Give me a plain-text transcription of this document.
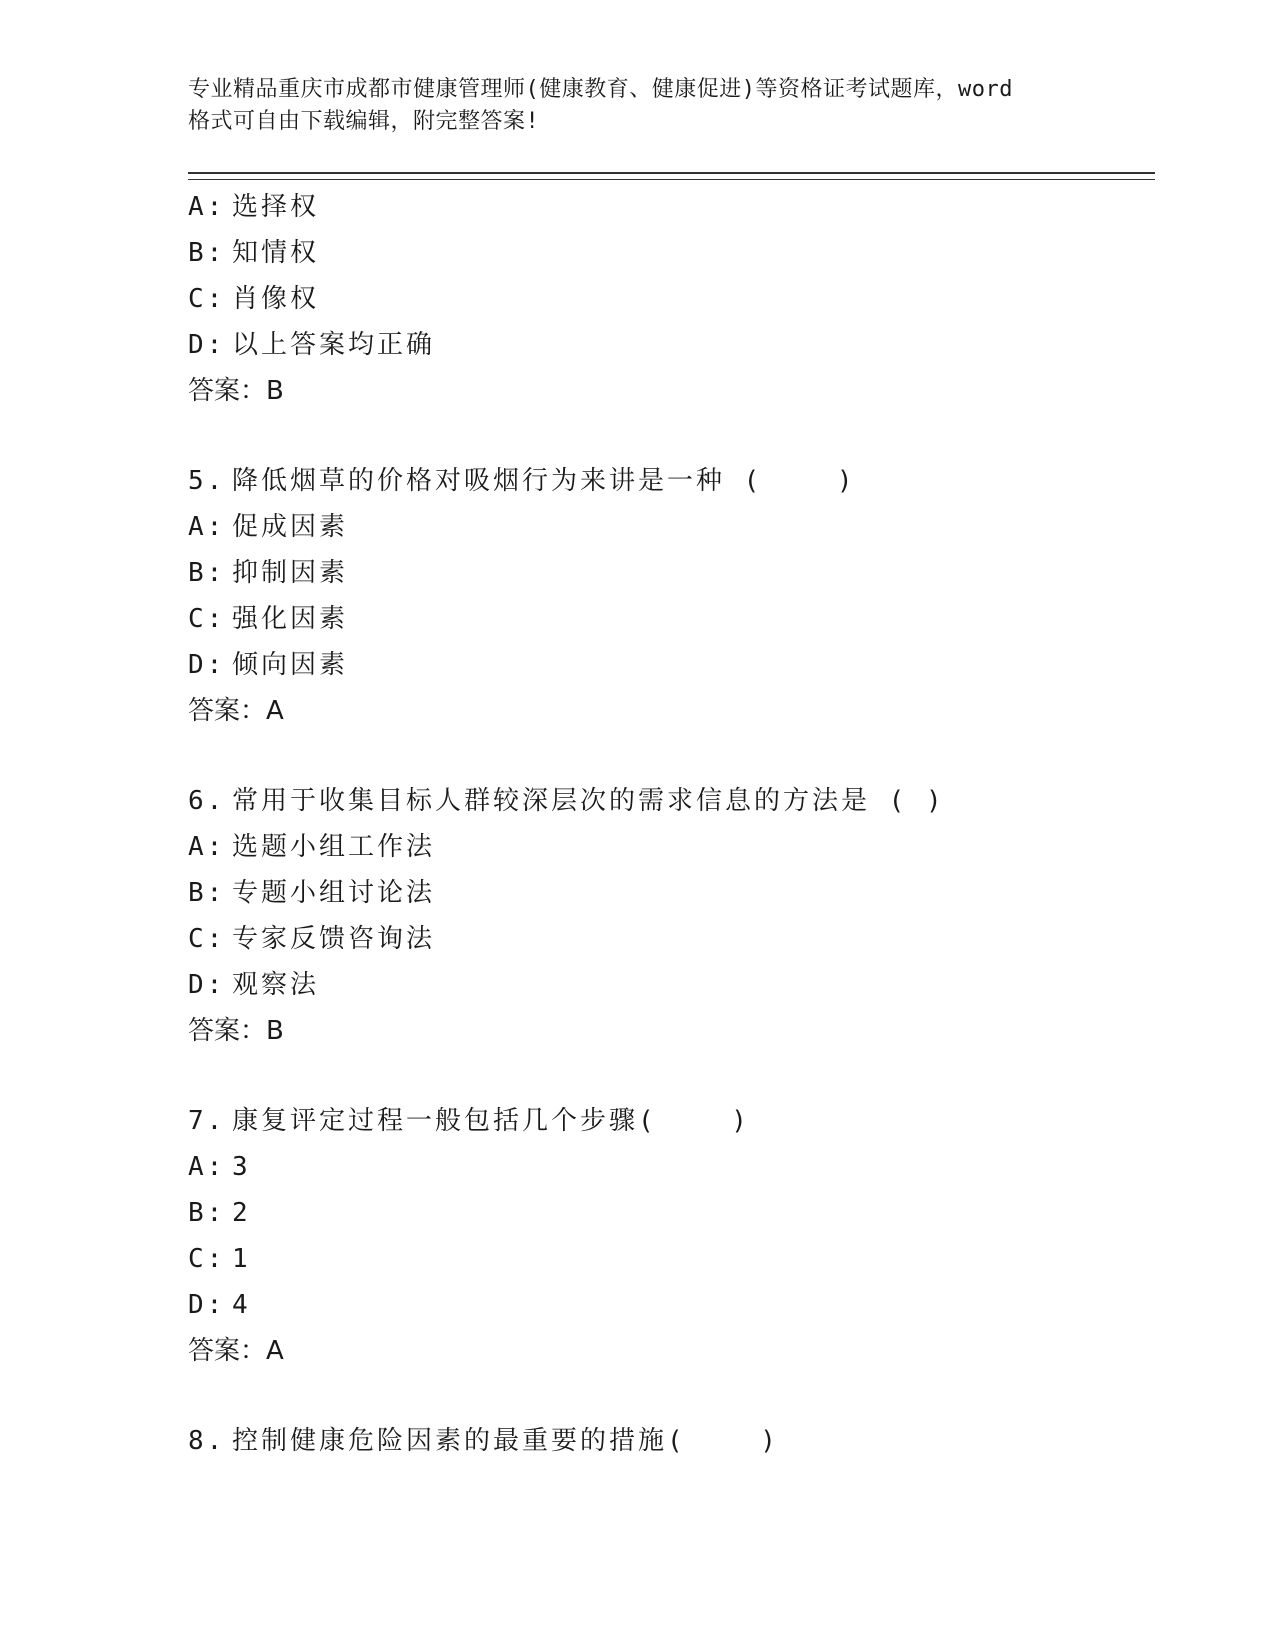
专业精品重庆市成都市健康管理师(健康教育、健康促进)等资格证考试题库，word
格式可自由下载编辑，附完整答案!

A: 选择权
B: 知情权
C: 肖像权
D: 以上答案均正确
答案：B
5. 降低烟草的价格对吸烟行为来讲是一种 (    )
A: 促成因素
B: 抑制因素
C: 强化因素
D: 倾向因素
答案：A
6. 常用于收集目标人群较深层次的需求信息的方法是 ( )
A: 选题小组工作法
B: 专题小组讨论法
C: 专家反馈咨询法
D: 观察法
答案：B
7. 康复评定过程一般包括几个步骤(    )
A: 3
B: 2
C: 1
D: 4
答案：A
8. 控制健康危险因素的最重要的措施(    )
